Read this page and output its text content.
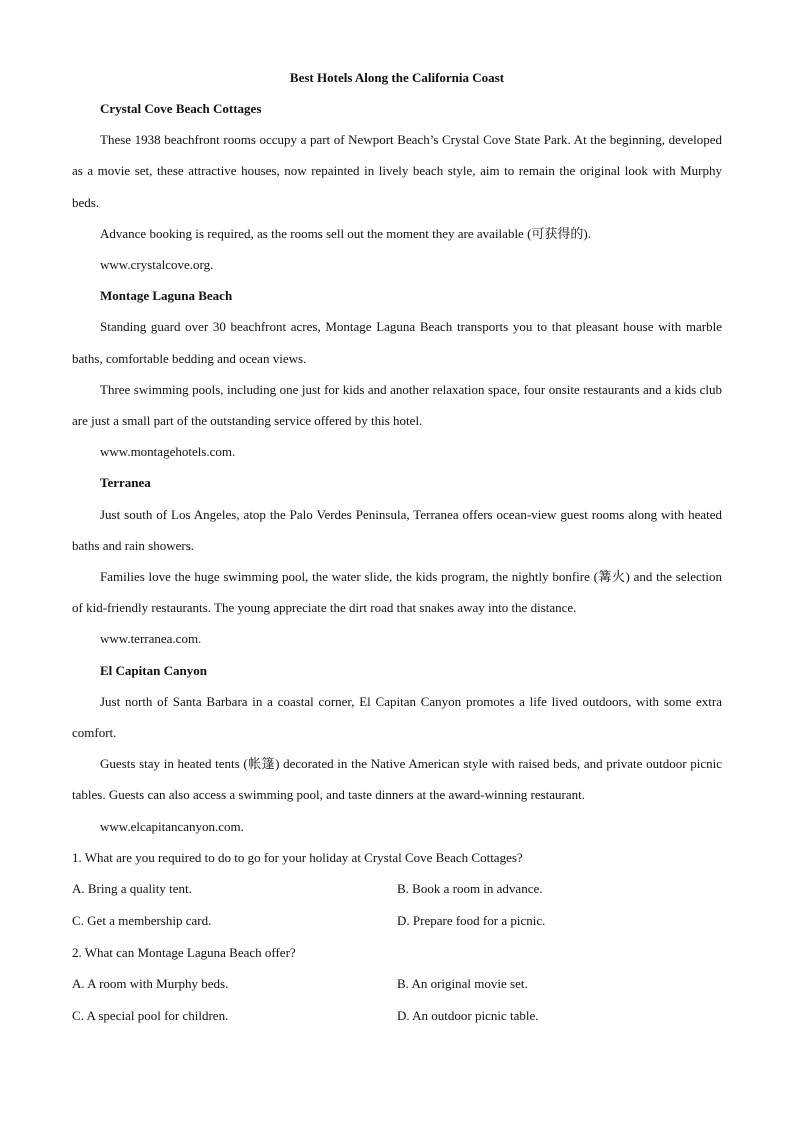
Best Hotels Along the California Coast

Crystal Cove Beach Cottages

These 1938 beachfront rooms occupy a part of Newport Beach’s Crystal Cove State Park. At the beginning, developed as a movie set, these attractive houses, now repainted in lively beach style, aim to remain the original look with Murphy beds.

Advance booking is required, as the rooms sell out the moment they are available (可获得的).

www.crystalcove.org.

Montage Laguna Beach

Standing guard over 30 beachfront acres, Montage Laguna Beach transports you to that pleasant house with marble baths, comfortable bedding and ocean views.

Three swimming pools, including one just for kids and another relaxation space, four onsite restaurants and a kids club are just a small part of the outstanding service offered by this hotel.

www.montagehotels.com.

Terranea

Just south of Los Angeles, atop the Palo Verdes Peninsula, Terranea offers ocean-view guest rooms along with heated baths and rain showers.

Families love the huge swimming pool, the water slide, the kids program, the nightly bonfire (篝火) and the selection of kid-friendly restaurants. The young appreciate the dirt road that snakes away into the distance.

www.terranea.com.

El Capitan Canyon

Just north of Santa Barbara in a coastal corner, El Capitan Canyon promotes a life lived outdoors, with some extra comfort.

Guests stay in heated tents (帐篷) decorated in the Native American style with raised beds, and private outdoor picnic tables. Guests can also access a swimming pool, and taste dinners at the award-winning restaurant.

www.elcapitancanyon.com.

1. What are you required to do to go for your holiday at Crystal Cove Beach Cottages?

A. Bring a quality tent.	B. Book a room in advance.
C. Get a membership card.	D. Prepare food for a picnic.

2. What can Montage Laguna Beach offer?

A. A room with Murphy beds.	B. An original movie set.
C. A special pool for children.	D. An outdoor picnic table.
